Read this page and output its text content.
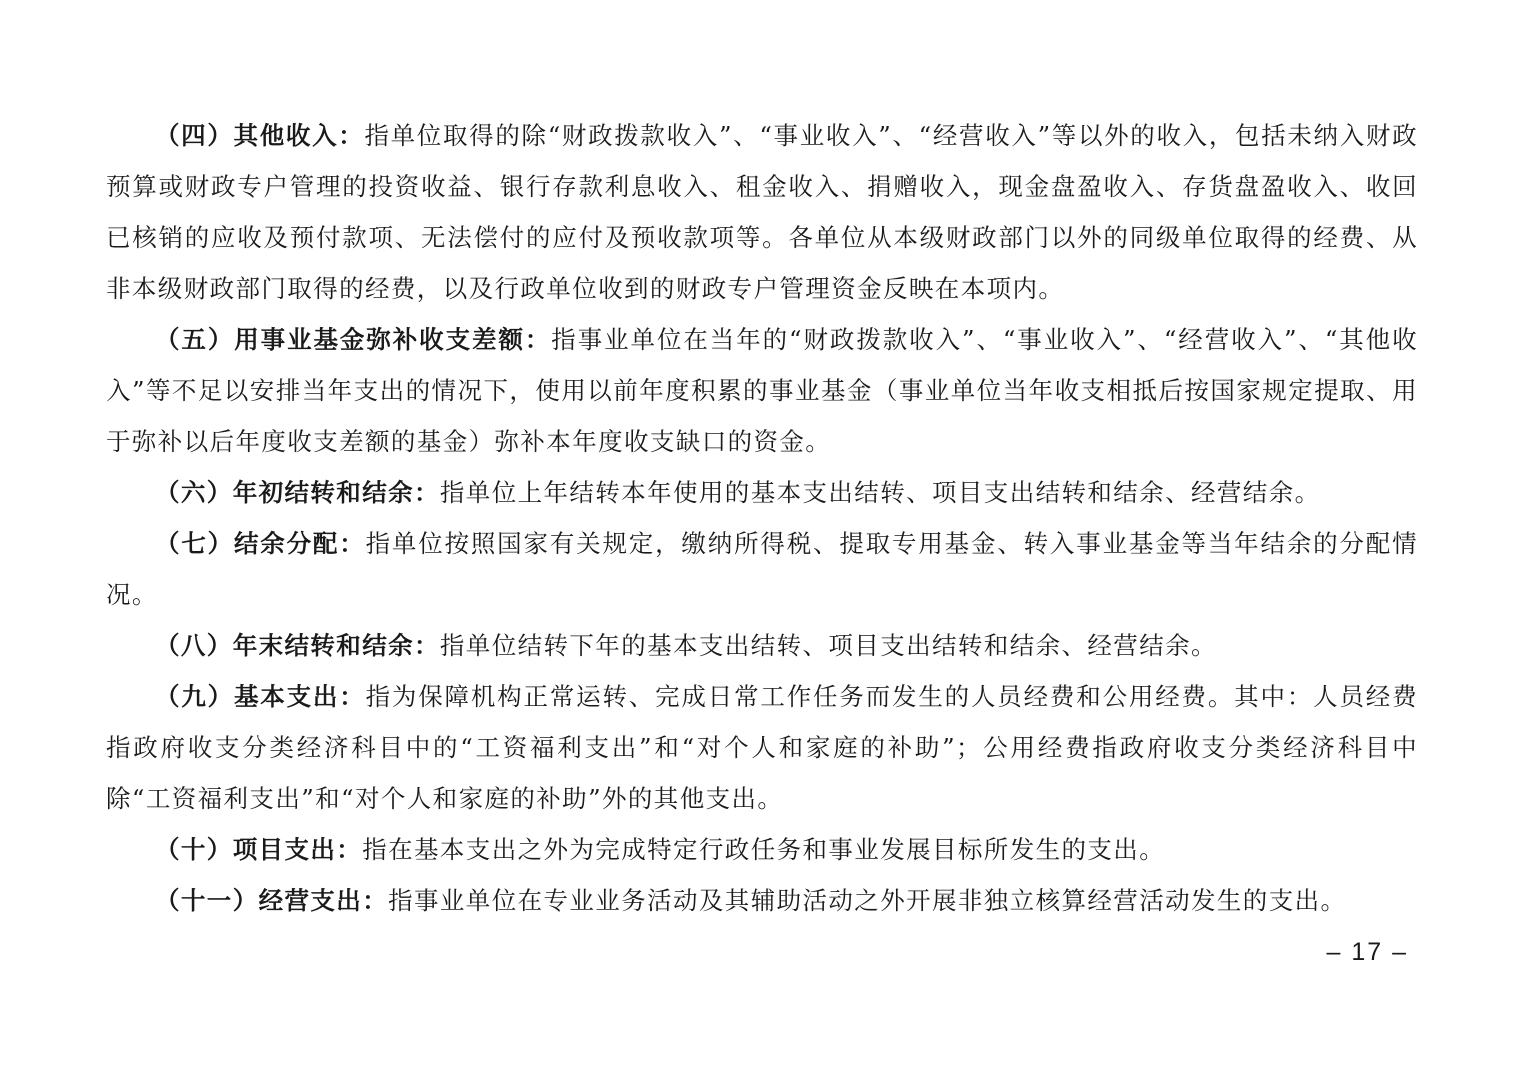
（四）其他收入：指单位取得的除“财政拨款收入”、“事业收入”、“经营收入”等以外的收入，包括未纳入财政预算或财政专户管理的投资收益、银行存款利息收入、租金收入、捐赠收入，现金盘盈收入、存货盘盈收入、收回已核销的应收及预付款项、无法偿付的应付及预收款项等。各单位从本级财政部门以外的同级单位取得的经费、从非本级财政部门取得的经费，以及行政单位收到的财政专户管理资金反映在本项内。

（五）用事业基金弥补收支差额：指事业单位在当年的“财政拨款收入”、“事业收入”、“经营收入”、“其他收入”等不足以安排当年支出的情况下，使用以前年度积累的事业基金（事业单位当年收支相抵后按国家规定提取、用于弥补以后年度收支差额的基金）弥补本年度收支缺口的资金。

（六）年初结转和结余：指单位上年结转本年使用的基本支出结转、项目支出结转和结余、经营结余。

（七）结余分配：指单位按照国家有关规定，缴纳所得税、提取专用基金、转入事业基金等当年结余的分配情况。

（八）年末结转和结余：指单位结转下年的基本支出结转、项目支出结转和结余、经营结余。

（九）基本支出：指为保障机构正常运转、完成日常工作任务而发生的人员经费和公用经费。其中：人员经费指政府收支分类经济科目中的“工资福利支出”和“对个人和家庭的补助”；公用经费指政府收支分类经济科目中除“工资福利支出”和“对个人和家庭的补助”外的其他支出。

（十）项目支出：指在基本支出之外为完成特定行政任务和事业发展目标所发生的支出。

（十一）经营支出：指事业单位在专业业务活动及其辅助活动之外开展非独立核算经营活动发生的支出。

– 17 –
